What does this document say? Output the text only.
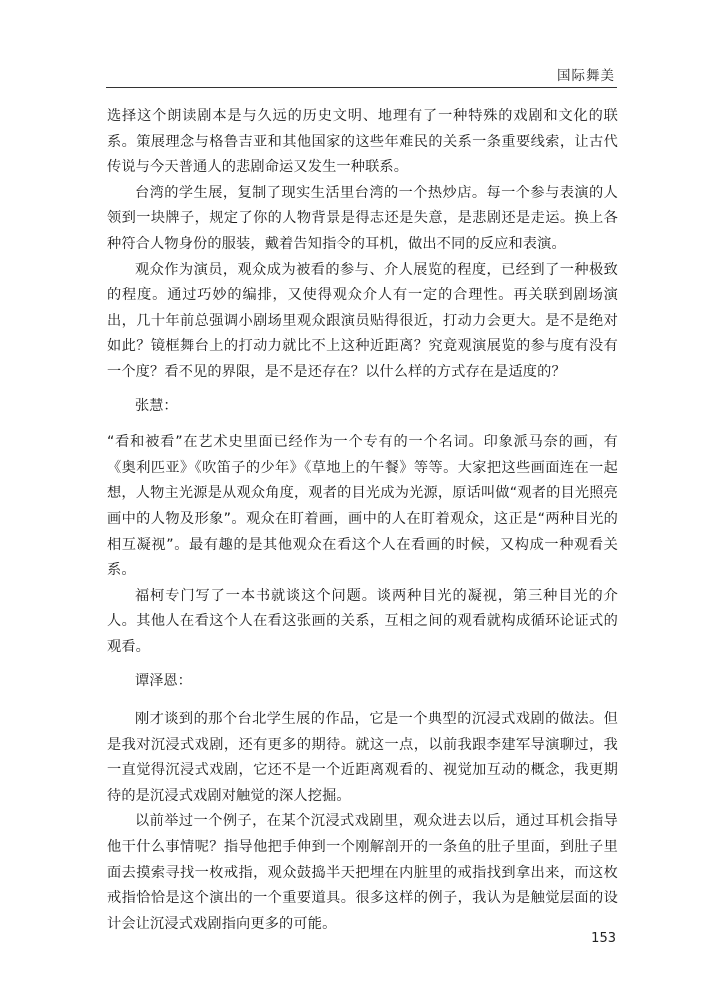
国际舞美

选择这个朗读剧本是与久远的历史文明、地理有了一种特殊的戏剧和文化的联系。策展理念与格鲁吉亚和其他国家的这些年难民的关系一条重要线索，让古代传说与今天普通人的悲剧命运又发生一种联系。

台湾的学生展，复制了现实生活里台湾的一个热炒店。每一个参与表演的人领到一块牌子，规定了你的人物背景是得志还是失意，是悲剧还是走运。换上各种符合人物身份的服装，戴着告知指令的耳机，做出不同的反应和表演。

观众作为演员，观众成为被看的参与、介人展览的程度，已经到了一种极致的程度。通过巧妙的编排，又使得观众介人有一定的合理性。再关联到剧场演出，几十年前总强调小剧场里观众跟演员贴得很近，打动力会更大。是不是绝对如此？镜框舞台上的打动力就比不上这种近距离？究竟观演展览的参与度有没有一个度？看不见的界限，是不是还存在？以什么样的方式存在是适度的？

张慧：

“看和被看”在艺术史里面已经作为一个专有的一个名词。印象派马奈的画，有《奥利匹亚》《吹笛子的少年》《草地上的午餐》等等。大家把这些画面连在一起想，人物主光源是从观众角度，观者的目光成为光源，原话叫做“观者的目光照亮画中的人物及形象”。观众在盯着画，画中的人在盯着观众，这正是“两种目光的相互凝视”。最有趣的是其他观众在看这个人在看画的时候，又构成一种观看关系。

福柯专门写了一本书就谈这个问题。谈两种目光的凝视，第三种目光的介人。其他人在看这个人在看这张画的关系，互相之间的观看就构成循环论证式的观看。

谭泽恩：

刚才谈到的那个台北学生展的作品，它是一个典型的沉浸式戏剧的做法。但是我对沉浸式戏剧，还有更多的期待。就这一点，以前我跟李建军导演聊过，我一直觉得沉浸式戏剧，它还不是一个近距离观看的、视觉加互动的概念，我更期待的是沉浸式戏剧对触觉的深人挖掘。

以前举过一个例子，在某个沉浸式戏剧里，观众进去以后，通过耳机会指导他干什么事情呢？指导他把手伸到一个刚解剖开的一条鱼的肚子里面，到肚子里面去摸索寻找一枚戒指，观众鼓捣半天把埋在内脏里的戒指找到拿出来，而这枚戒指恰恰是这个演出的一个重要道具。很多这样的例子，我认为是触觉层面的设计会让沉浸式戏剧指向更多的可能。

153
